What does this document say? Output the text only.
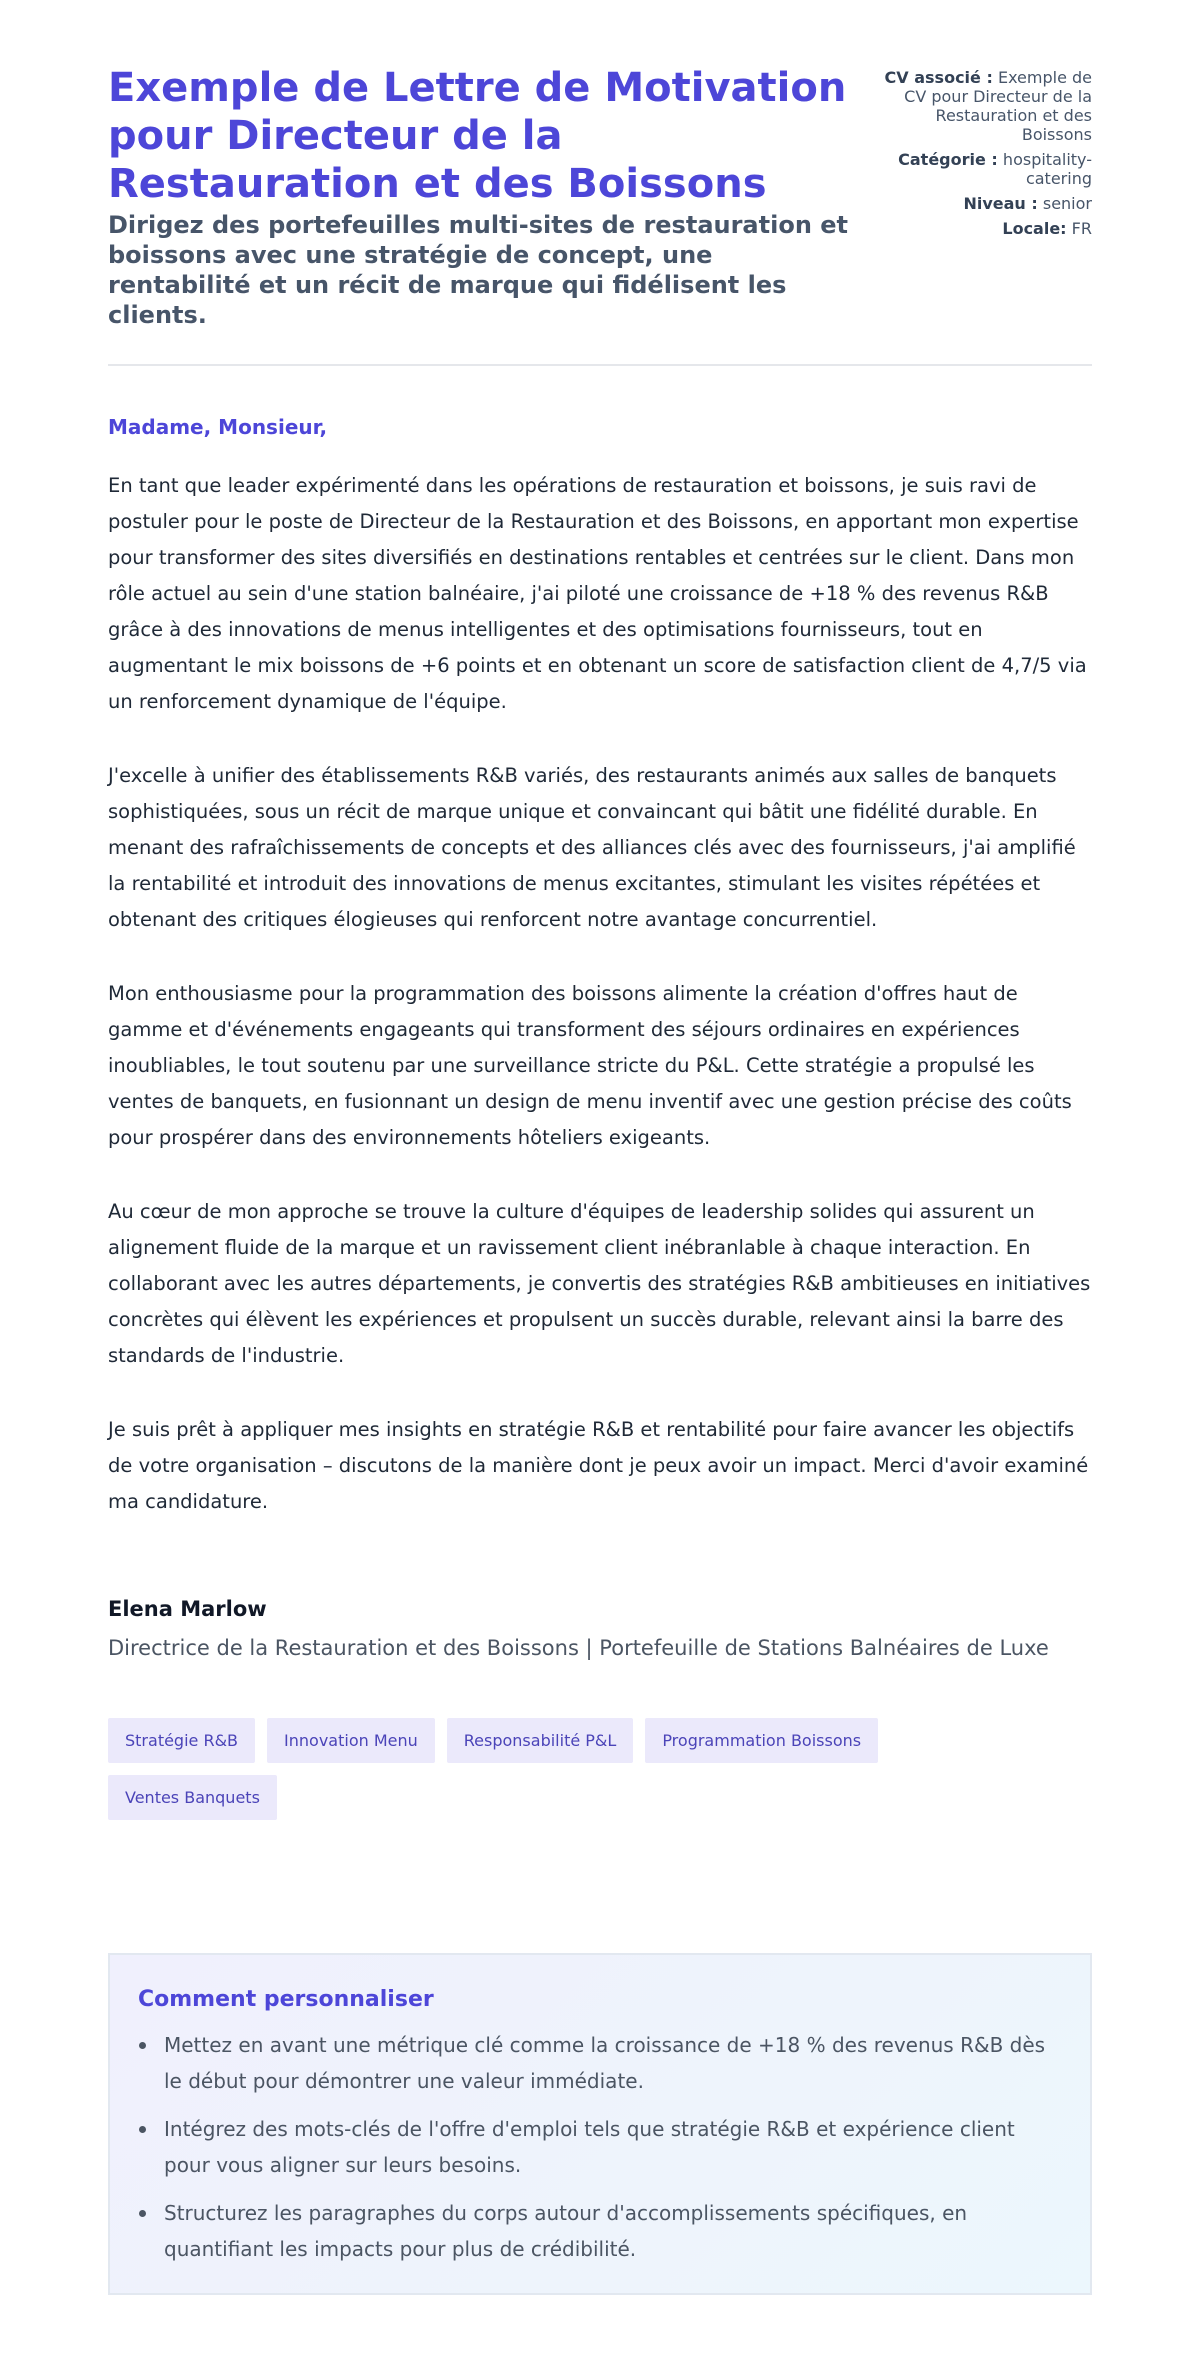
Exemple de Lettre de Motivation pour Directeur de la Restauration et des Boissons
Dirigez des portefeuilles multi-sites de restauration et boissons avec une stratégie de concept, une rentabilité et un récit de marque qui fidélisent les clients.
CV associé : Exemple de CV pour Directeur de la Restauration et des Boissons
Catégorie : hospitality-catering
Niveau : senior
Locale: FR

Madame, Monsieur,

En tant que leader expérimenté dans les opérations de restauration et boissons, je suis ravi de postuler pour le poste de Directeur de la Restauration et des Boissons, en apportant mon expertise pour transformer des sites diversifiés en destinations rentables et centrées sur le client. Dans mon rôle actuel au sein d'une station balnéaire, j'ai piloté une croissance de +18 % des revenus R&B grâce à des innovations de menus intelligentes et des optimisations fournisseurs, tout en augmentant le mix boissons de +6 points et en obtenant un score de satisfaction client de 4,7/5 via un renforcement dynamique de l'équipe.

J'excelle à unifier des établissements R&B variés, des restaurants animés aux salles de banquets sophistiquées, sous un récit de marque unique et convaincant qui bâtit une fidélité durable. En menant des rafraîchissements de concepts et des alliances clés avec des fournisseurs, j'ai amplifié la rentabilité et introduit des innovations de menus excitantes, stimulant les visites répétées et obtenant des critiques élogieuses qui renforcent notre avantage concurrentiel.

Mon enthousiasme pour la programmation des boissons alimente la création d'offres haut de gamme et d'événements engageants qui transforment des séjours ordinaires en expériences inoubliables, le tout soutenu par une surveillance stricte du P&L. Cette stratégie a propulsé les ventes de banquets, en fusionnant un design de menu inventif avec une gestion précise des coûts pour prospérer dans des environnements hôteliers exigeants.

Au cœur de mon approche se trouve la culture d'équipes de leadership solides qui assurent un alignement fluide de la marque et un ravissement client inébranlable à chaque interaction. En collaborant avec les autres départements, je convertis des stratégies R&B ambitieuses en initiatives concrètes qui élèvent les expériences et propulsent un succès durable, relevant ainsi la barre des standards de l'industrie.

Je suis prêt à appliquer mes insights en stratégie R&B et rentabilité pour faire avancer les objectifs de votre organisation – discutons de la manière dont je peux avoir un impact. Merci d'avoir examiné ma candidature.

Elena Marlow
Directrice de la Restauration et des Boissons | Portefeuille de Stations Balnéaires de Luxe
Stratégie R&B	Innovation Menu	Responsabilité P&L	Programmation Boissons
Ventes Banquets
Comment personnaliser
Mettez en avant une métrique clé comme la croissance de +18 % des revenus R&B dès le début pour démontrer une valeur immédiate.
Intégrez des mots-clés de l'offre d'emploi tels que stratégie R&B et expérience client pour vous aligner sur leurs besoins.
Structurez les paragraphes du corps autour d'accomplissements spécifiques, en quantifiant les impacts pour plus de crédibilité.
